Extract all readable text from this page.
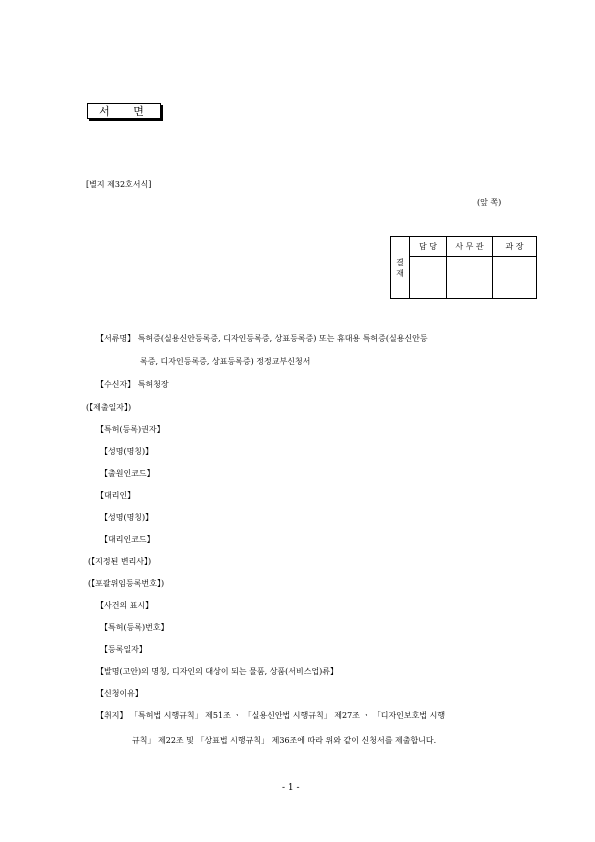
서 면
[별지 제32호서식]
(앞 쪽)
결 재	담 당	사 무 관	과 장

【서류명】 특허증(실용신안등록증, 디자인등록증, 상표등록증) 또는 휴대용 특허증(실용신안등
록증, 디자인등록증, 상표등록증) 정정교부신청서
【수신자】 특허청장
(【제출일자】)
【특허(등록)권자】
【성명(명칭)】
【출원인코드】
【대리인】
【성명(명칭)】
【대리인코드】
(【지정된 변리사】)
(【포괄위임등록번호】)
【사건의 표시】
【특허(등록)번호】
【등록일자】
【발명(고안)의 명칭, 디자인의 대상이 되는 물품, 상품(서비스업)류】
【신청이유】
【취지】 「특허법 시행규칙」 제51조 ㆍ 「실용신안법 시행규칙」 제27조 ㆍ 「디자인보호법 시행
규칙」 제22조 및 「상표법 시행규칙」 제36조에 따라 위와 같이 신청서를 제출합니다.
- 1 -
